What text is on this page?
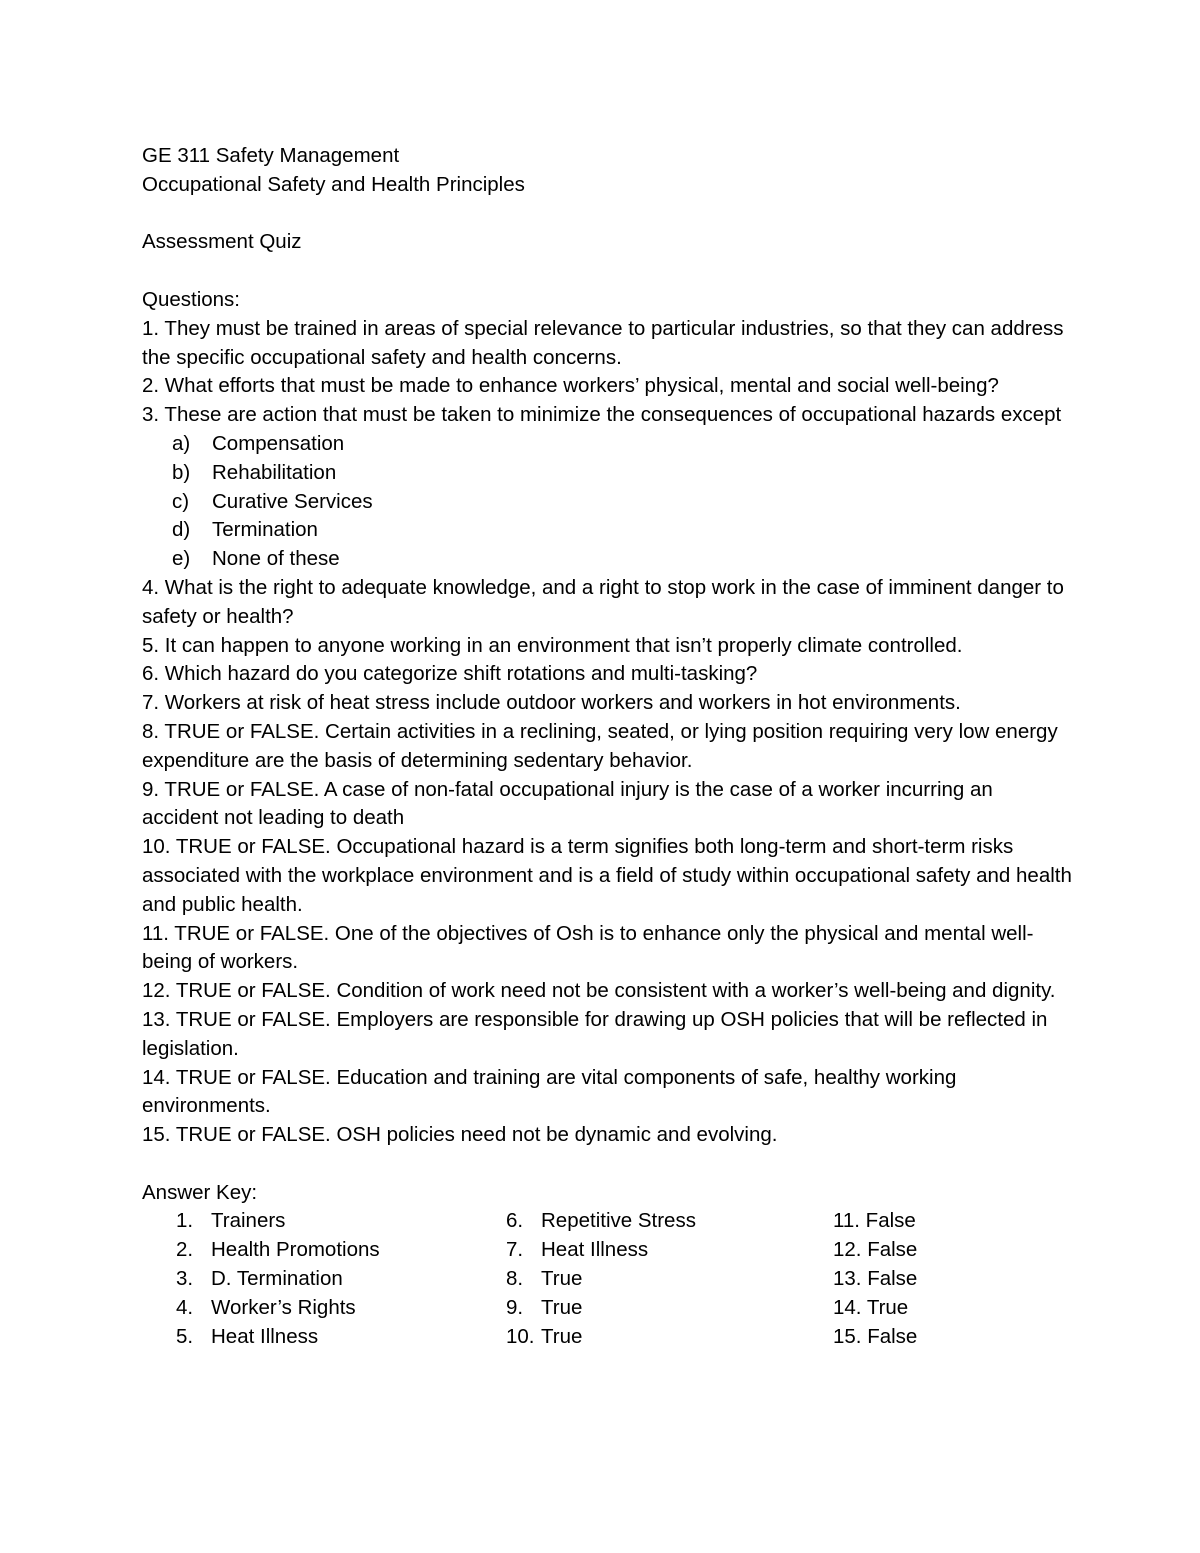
GE 311 Safety Management

Occupational Safety and Health Principles

Assessment Quiz

Questions:

1. They must be trained in areas of special relevance to particular industries, so that they can address the specific occupational safety and health concerns.

2. What efforts that must be made to enhance workers’ physical, mental and social well-being?

3. These are action that must be taken to minimize the consequences of occupational hazards except

a)	Compensation
b)	Rehabilitation
c)	Curative Services
d)	Termination
e)	None of these

4. What is the right to adequate knowledge, and a right to stop work in the case of imminent danger to safety or health?

5. It can happen to anyone working in an environment that isn’t properly climate controlled.

6. Which hazard do you categorize shift rotations and multi-tasking?

7. Workers at risk of heat stress include outdoor workers and workers in hot environments.

8. TRUE or FALSE. Certain activities in a reclining, seated, or lying position requiring very low energy expenditure are the basis of determining sedentary behavior.

9. TRUE or FALSE. A case of non-fatal occupational injury is the case of a worker incurring an accident not leading to death

10. TRUE or FALSE. Occupational hazard is a term signifies both long-term and short-term risks associated with the workplace environment and is a field of study within occupational safety and health and public health.

11. TRUE or FALSE. One of the objectives of Osh is to enhance only the physical and mental well-being of workers.

12. TRUE or FALSE. Condition of work need not be consistent with a worker’s well-being and dignity.

13. TRUE or FALSE. Employers are responsible for drawing up OSH policies that will be reflected in legislation.

14. TRUE or FALSE. Education and training are vital components of safe, healthy working environments.

15. TRUE or FALSE. OSH policies need not be dynamic and evolving.

Answer Key:

1. Trainers
2. Health Promotions
3. D. Termination
4. Worker’s Rights
5. Heat Illness
6. Repetitive Stress
7. Heat Illness
8. True
9. True
10. True
11. False
12. False
13. False
14. True
15. False
